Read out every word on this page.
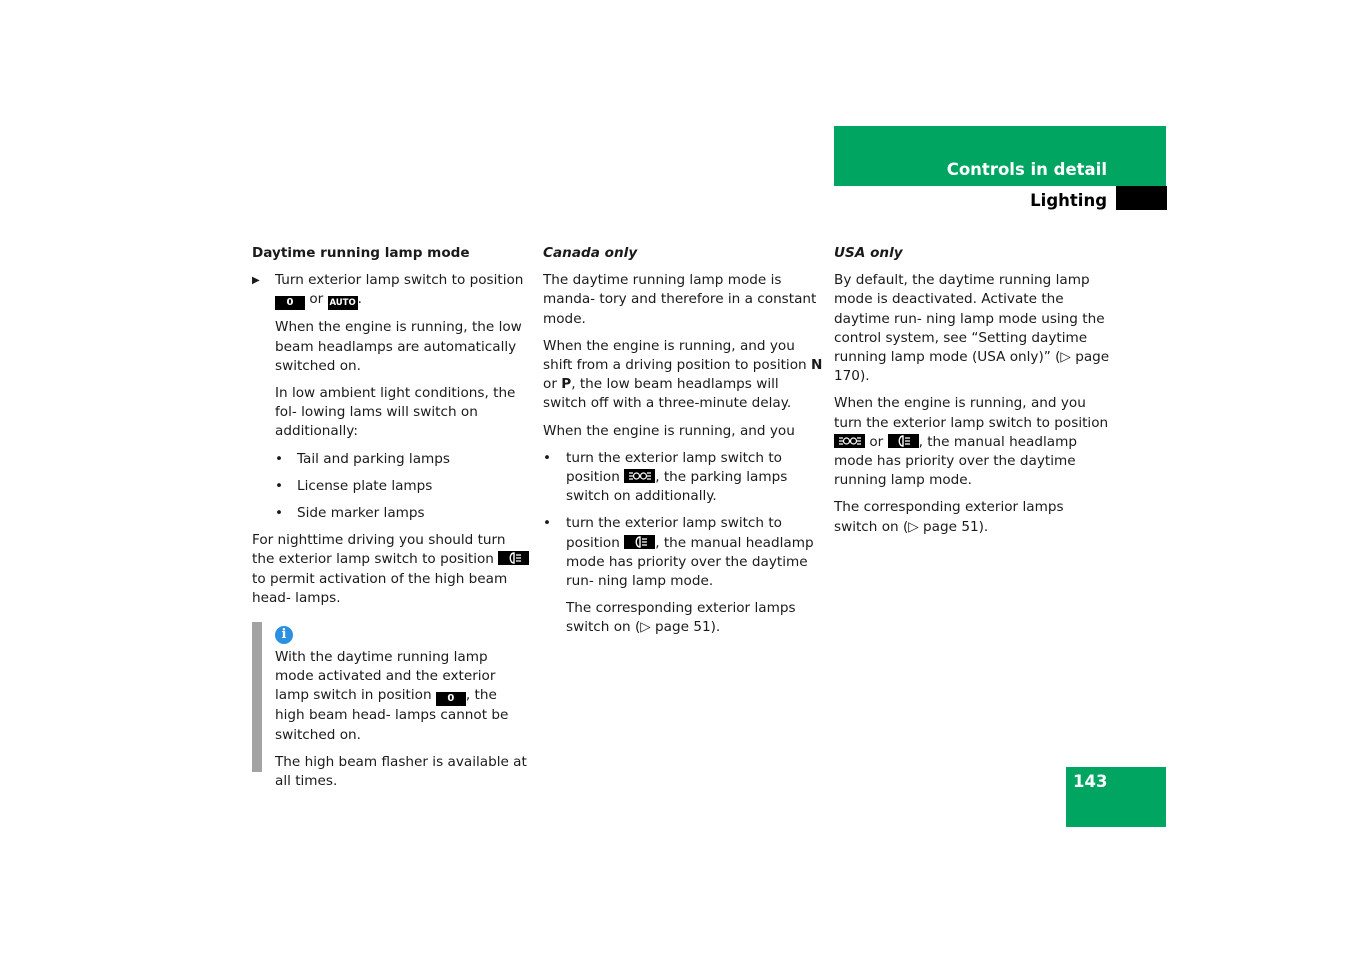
Controls in detail
Lighting

Daytime running lamp mode

▶ Turn exterior lamp switch to position 0 or AUTO .

When the engine is running, the low beam headlamps are automatically switched on.

In low ambient light conditions, the fol- lowing lams will switch on additionally:

• Tail and parking lamps
• License plate lamps
• Side marker lamps

For nighttime driving you should turn the exterior lamp switch to position
to permit activation of the high beam head- lamps.

i

With the daytime running lamp mode activated and the exterior lamp switch in position 0 , the high beam head- lamps cannot be switched on.

The high beam flasher is available at all times.

Canada only

The daytime running lamp mode is manda- tory and therefore in a constant mode.

When the engine is running, and you shift from a driving position to position N or P, the low beam headlamps will switch off with a three-minute delay.

When the engine is running, and you

• turn the exterior lamp switch to position	, the parking lamps switch on additionally.
• turn the exterior lamp switch to position	, the manual headlamp mode has priority over the daytime run- ning lamp mode.

The corresponding exterior lamps switch on (▷ page 51).

USA only

By default, the daytime running lamp mode is deactivated. Activate the daytime run- ning lamp mode using the control system, see “Setting daytime running lamp mode (USA only)” (▷ page 170).

When the engine is running, and you turn the exterior lamp switch to position
or	, the manual headlamp mode has priority over the daytime running lamp mode.

The corresponding exterior lamps switch on (▷ page 51).

143
